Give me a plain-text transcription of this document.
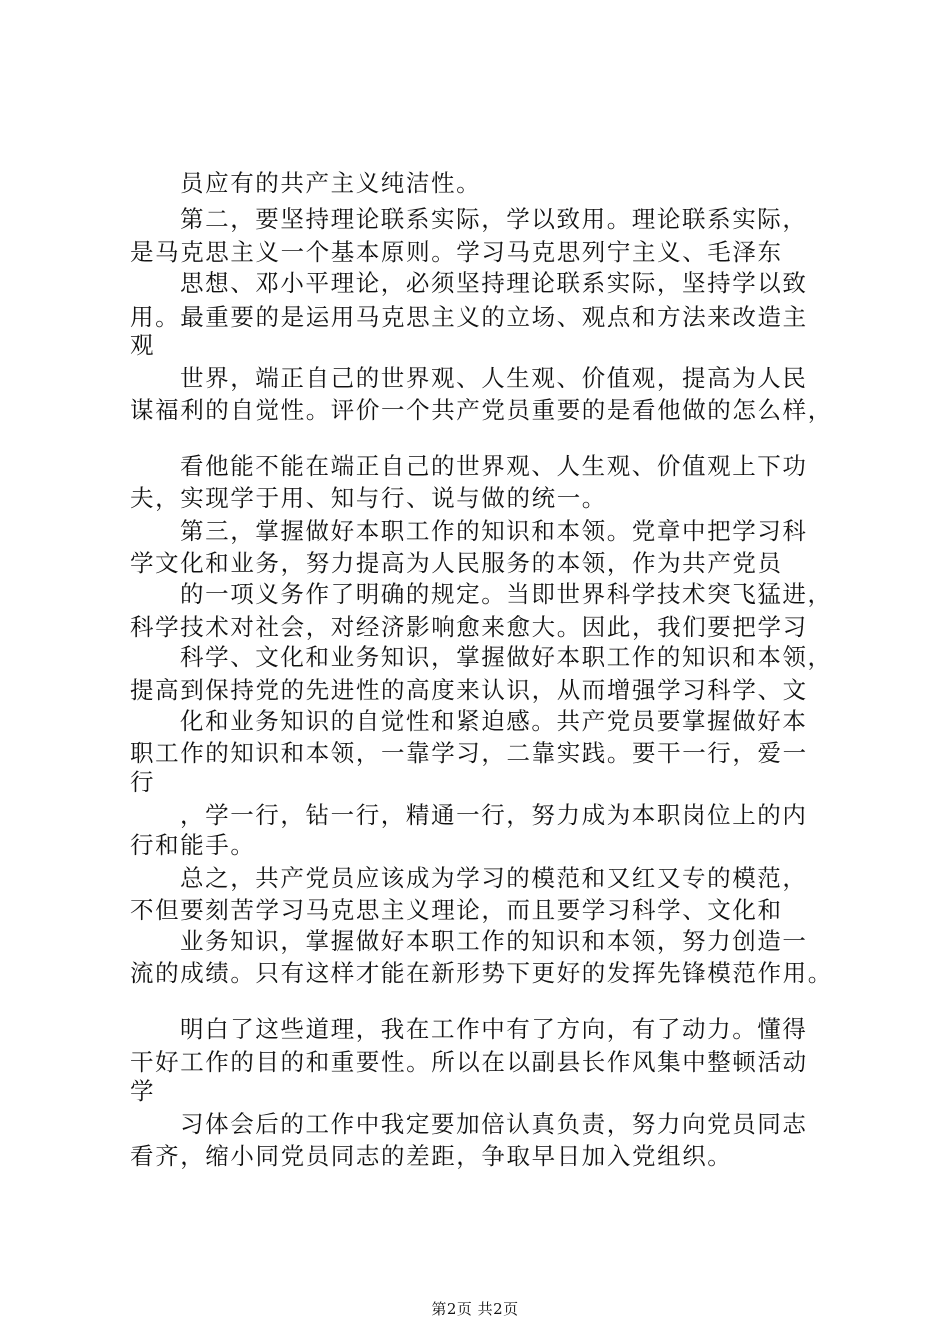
员应有的共产主义纯洁性。

第二，要坚持理论联系实际，学以致用。理论联系实际，

是马克思主义一个基本原则。学习马克思列宁主义、毛泽东

思想、邓小平理论，必须坚持理论联系实际，坚持学以致

用。最重要的是运用马克思主义的立场、观点和方法来改造主

观

世界，端正自己的世界观、人生观、价值观，提高为人民

谋福利的自觉性。评价一个共产党员重要的是看他做的怎么样，

看他能不能在端正自己的世界观、人生观、价值观上下功

夫，实现学于用、知与行、说与做的统一。

第三，掌握做好本职工作的知识和本领。党章中把学习科

学文化和业务，努力提高为人民服务的本领，作为共产党员

的一项义务作了明确的规定。当即世界科学技术突飞猛进，

科学技术对社会，对经济影响愈来愈大。因此，我们要把学习

科学、文化和业务知识，掌握做好本职工作的知识和本领，

提高到保持党的先进性的高度来认识，从而增强学习科学、文

化和业务知识的自觉性和紧迫感。共产党员要掌握做好本

职工作的知识和本领，一靠学习，二靠实践。要干一行，爱一

行

，学一行，钻一行，精通一行，努力成为本职岗位上的内

行和能手。

总之，共产党员应该成为学习的模范和又红又专的模范，

不但要刻苦学习马克思主义理论，而且要学习科学、文化和

业务知识，掌握做好本职工作的知识和本领，努力创造一

流的成绩。只有这样才能在新形势下更好的发挥先锋模范作用。

明白了这些道理，我在工作中有了方向，有了动力。懂得

干好工作的目的和重要性。所以在以副县长作风集中整顿活动

学

习体会后的工作中我定要加倍认真负责，努力向党员同志

看齐，缩小同党员同志的差距，争取早日加入党组织。

第2页 共2页
